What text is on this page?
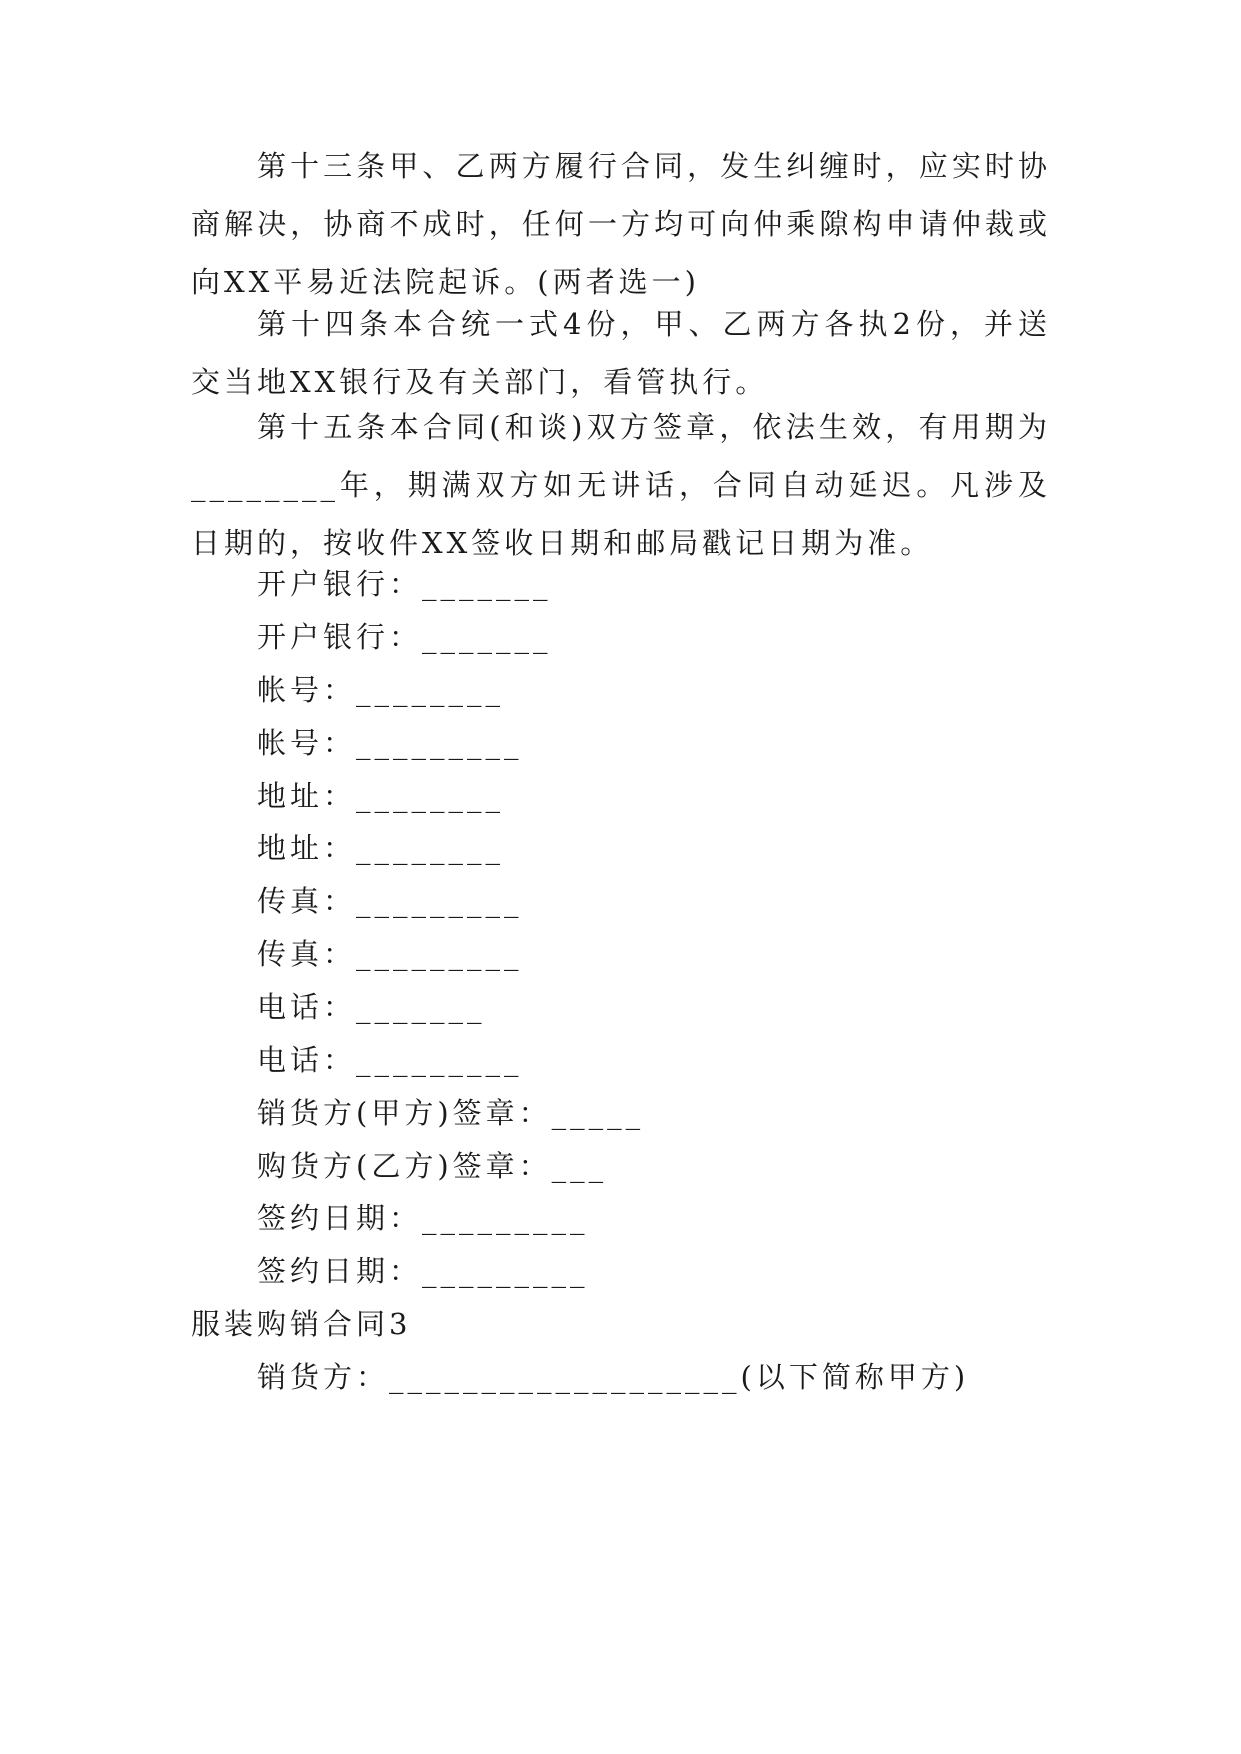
第十三条甲、乙两方履行合同，发生纠缠时，应实时协商解决，协商不成时，任何一方均可向仲乘隙构申请仲裁或向XX平易近法院起诉。(两者选一)

第十四条本合统一式4份，甲、乙两方各执2份，并送交当地XX银行及有关部门，看管执行。

第十五条本合同(和谈)双方签章，依法生效，有用期为________年，期满双方如无讲话，合同自动延迟。凡涉及日期的，按收件XX签收日期和邮局戳记日期为准。

开户银行：_______

开户银行：_______

帐号：________

帐号：_________

地址：________

地址：________

传真：_________

传真：_________

电话：_______

电话：_________

销货方(甲方)签章：_____

购货方(乙方)签章：___

签约日期：_________

签约日期：_________

服装购销合同3

销货方：___________________(以下简称甲方)
